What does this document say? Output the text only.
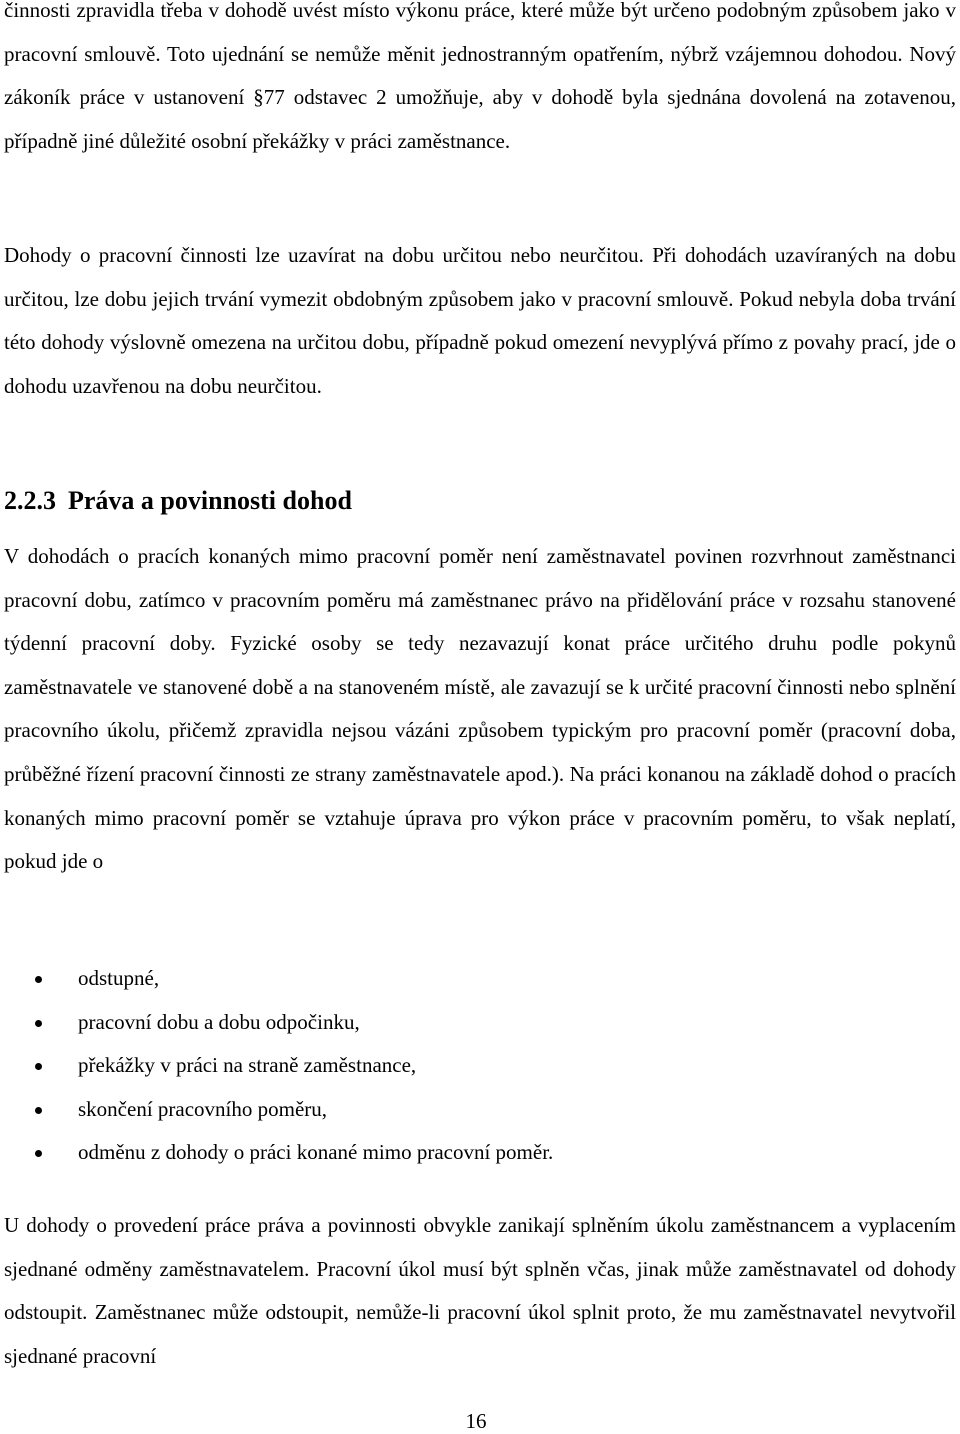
činnosti zpravidla třeba v dohodě uvést místo výkonu práce, které může být určeno podobným způsobem jako v pracovní smlouvě. Toto ujednání se nemůže měnit jednostranným opatřením, nýbrž vzájemnou dohodou. Nový zákoník práce v ustanovení §77 odstavec 2 umožňuje, aby v dohodě byla sjednána dovolená na zotavenou, případně jiné důležité osobní překážky v práci zaměstnance.

Dohody o pracovní činnosti lze uzavírat na dobu určitou nebo neurčitou. Při dohodách uzavíraných na dobu určitou, lze dobu jejich trvání vymezit obdobným způsobem jako v pracovní smlouvě. Pokud nebyla doba trvání této dohody výslovně omezena na určitou dobu, případně pokud omezení nevyplývá přímo z povahy prací, jde o dohodu uzavřenou na dobu neurčitou.

2.2.3 Práva a povinnosti dohod

V dohodách o pracích konaných mimo pracovní poměr není zaměstnavatel povinen rozvrhnout zaměstnanci pracovní dobu, zatímco v pracovním poměru má zaměstnanec právo na přidělování práce v rozsahu stanovené týdenní pracovní doby. Fyzické osoby se tedy nezavazují konat práce určitého druhu podle pokynů zaměstnavatele ve stanovené době a na stanoveném místě, ale zavazují se k určité pracovní činnosti nebo splnění pracovního úkolu, přičemž zpravidla nejsou vázáni způsobem typickým pro pracovní poměr (pracovní doba, průběžné řízení pracovní činnosti ze strany zaměstnavatele apod.). Na práci konanou na základě dohod o pracích konaných mimo pracovní poměr se vztahuje úprava pro výkon práce v pracovním poměru, to však neplatí, pokud jde o

odstupné,
pracovní dobu a dobu odpočinku,
překážky v práci na straně zaměstnance,
skončení pracovního poměru,
odměnu z dohody o práci konané mimo pracovní poměr.

U dohody o provedení práce práva a povinnosti obvykle zanikají splněním úkolu zaměstnancem a vyplacením sjednané odměny zaměstnavatelem. Pracovní úkol musí být splněn včas, jinak může zaměstnavatel od dohody odstoupit. Zaměstnanec může odstoupit, nemůže-li pracovní úkol splnit proto, že mu zaměstnavatel nevytvořil sjednané pracovní

16
